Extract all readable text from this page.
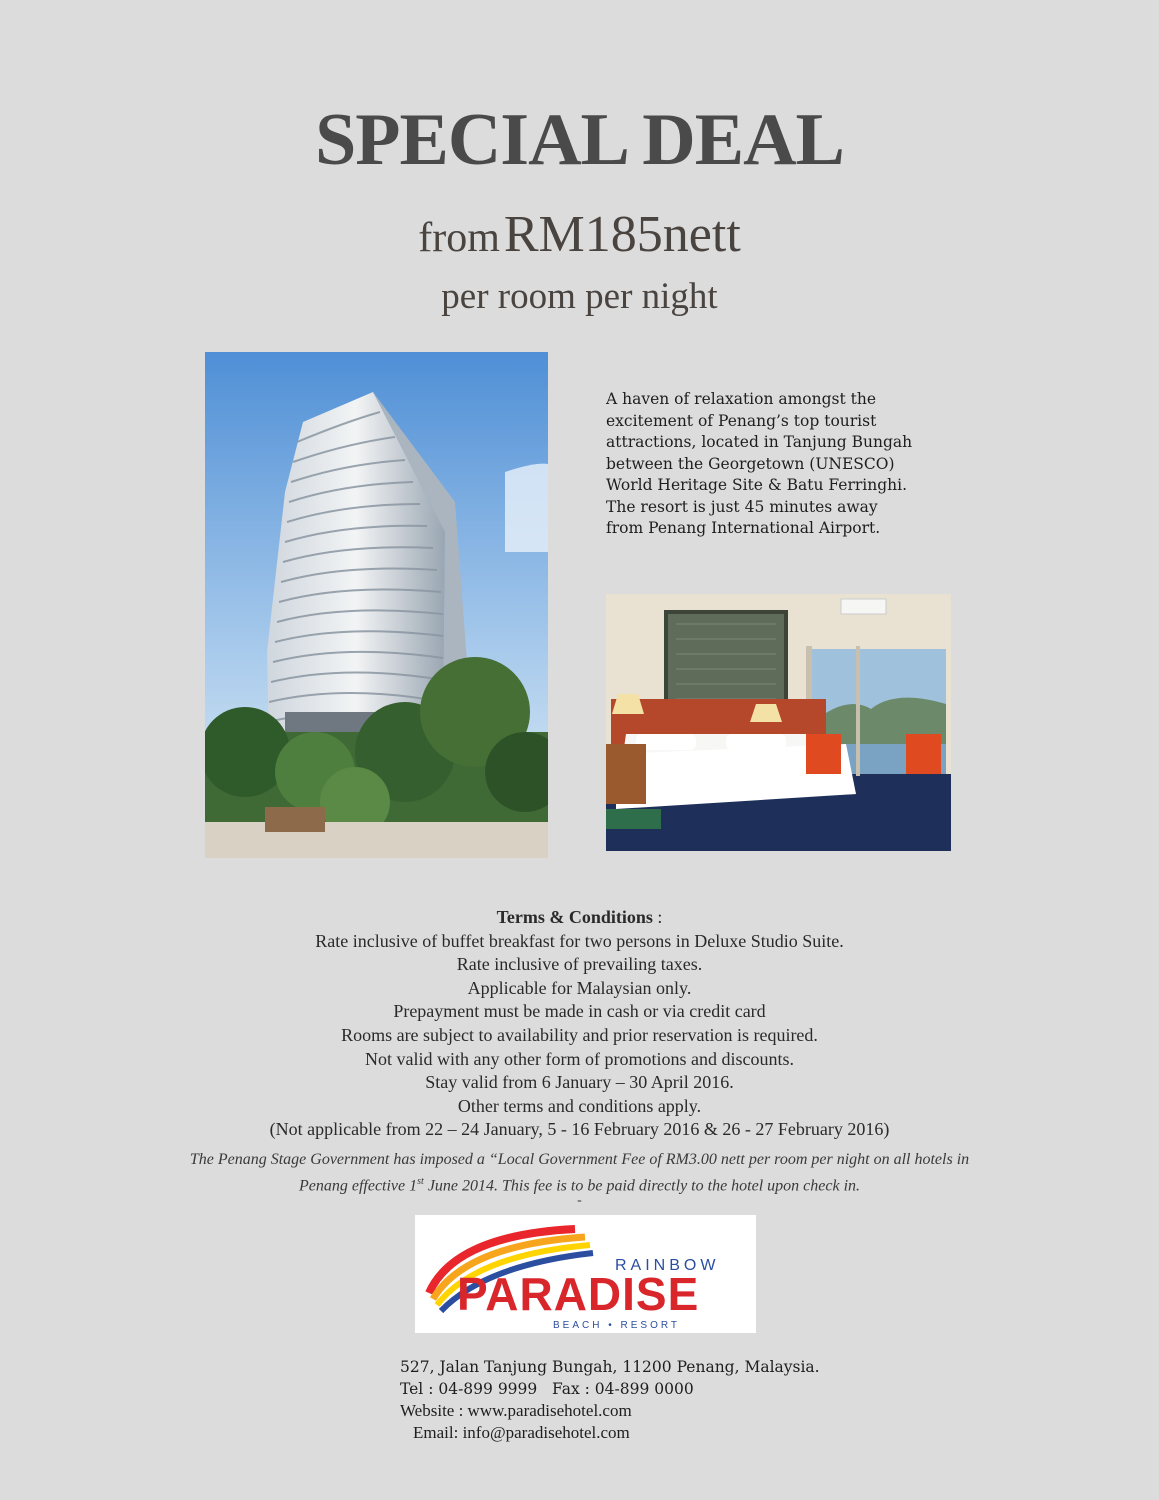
SPECIAL DEAL
from RM185nett
per room per night
A haven of relaxation amongst the
excitement of Penang’s top tourist
attractions, located in Tanjung Bungah
between the Georgetown (UNESCO)
World Heritage Site & Batu Ferringhi.
The resort is just 45 minutes away
from Penang International Airport.
Terms & Conditions :
Rate inclusive of buffet breakfast for two persons in Deluxe Studio Suite.
Rate inclusive of prevailing taxes.
Applicable for Malaysian only.
Prepayment must be made in cash or via credit card
Rooms are subject to availability and prior reservation is required.
Not valid with any other form of promotions and discounts.
Stay valid from 6 January – 30 April 2016.
Other terms and conditions apply.
(Not applicable from 22 – 24 January, 5 - 16 February 2016 & 26 - 27 February 2016)
The Penang Stage Government has imposed a “Local Government Fee of RM3.00 nett per room per night on all hotels in
Penang effective 1st June 2014. This fee is to be paid directly to the hotel upon check in.
-
RAINBOW
PARADISE
BEACH • RESORT
527, Jalan Tanjung Bungah, 11200 Penang, Malaysia.
Tel : 04-899 9999   Fax : 04-899 0000
Website : www.paradisehotel.com
Email: info@paradisehotel.com
